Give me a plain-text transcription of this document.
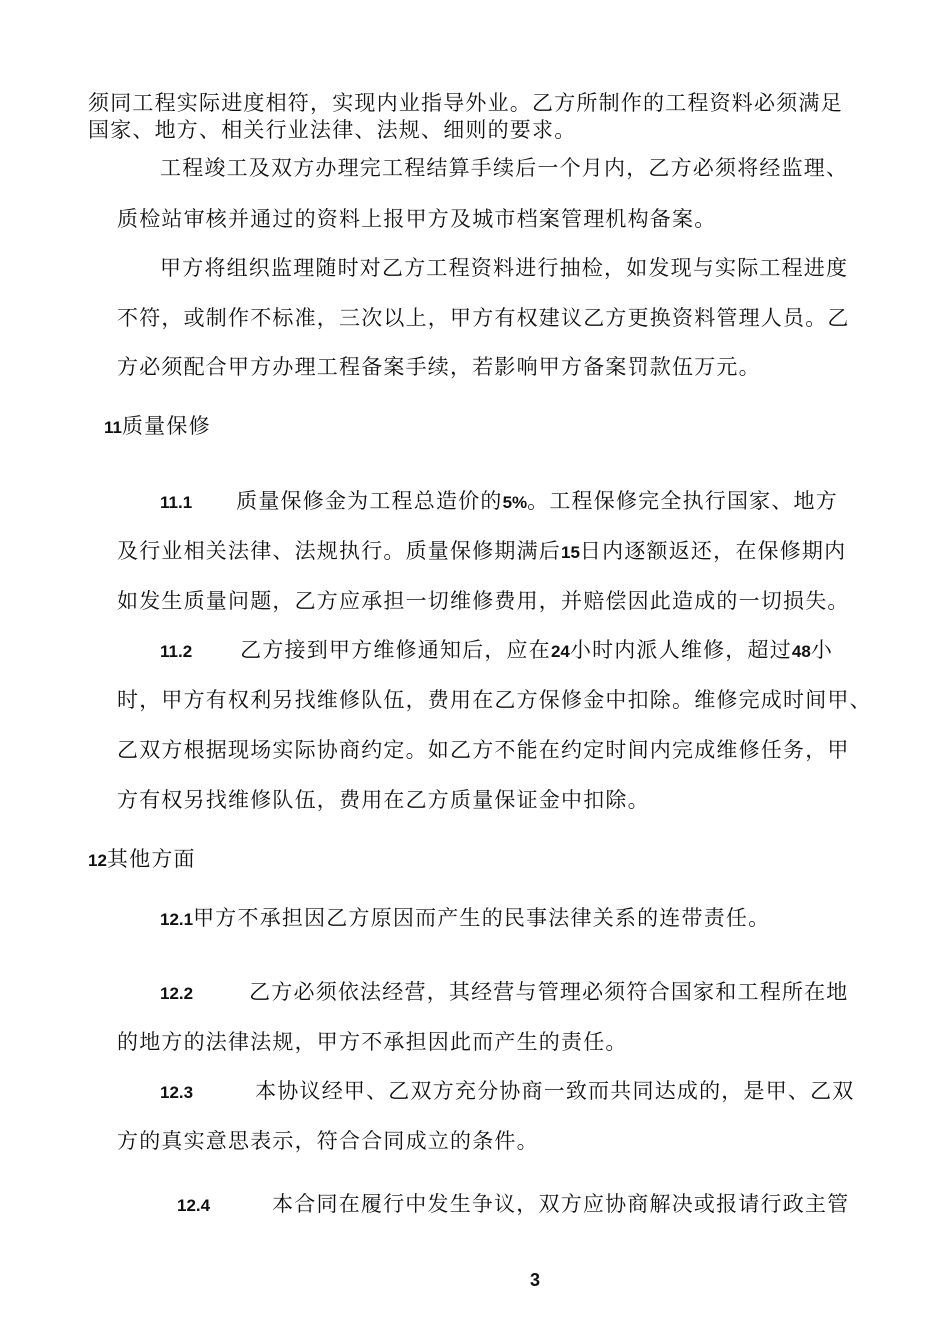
须同工程实际进度相符，实现内业指导外业。乙方所制作的工程资料必须满足
国家、地方、相关行业法律、法规、细则的要求。
工程竣工及双方办理完工程结算手续后一个月内，乙方必须将经监理、
质检站审核并通过的资料上报甲方及城市档案管理机构备案。
甲方将组织监理随时对乙方工程资料进行抽检，如发现与实际工程进度
不符，或制作不标准，三次以上，甲方有权建议乙方更换资料管理人员。乙
方必须配合甲方办理工程备案手续，若影响甲方备案罚款伍万元。
11质量保修
11.1 质量保修金为工程总造价的5%。工程保修完全执行国家、地方
及行业相关法律、法规执行。质量保修期满后15日内逐额返还，在保修期内
如发生质量问题，乙方应承担一切维修费用，并赔偿因此造成的一切损失。
11.2 乙方接到甲方维修通知后，应在24小时内派人维修，超过48小
时，甲方有权利另找维修队伍，费用在乙方保修金中扣除。维修完成时间甲、
乙双方根据现场实际协商约定。如乙方不能在约定时间内完成维修任务，甲
方有权另找维修队伍，费用在乙方质量保证金中扣除。
12其他方面
12.1甲方不承担因乙方原因而产生的民事法律关系的连带责任。
12.2	乙方必须依法经营，其经营与管理必须符合国家和工程所在地
的地方的法律法规，甲方不承担因此而产生的责任。
12.3	本协议经甲、乙双方充分协商一致而共同达成的，是甲、乙双
方的真实意思表示，符合合同成立的条件。
12.4	本合同在履行中发生争议，双方应协商解决或报请行政主管
3
